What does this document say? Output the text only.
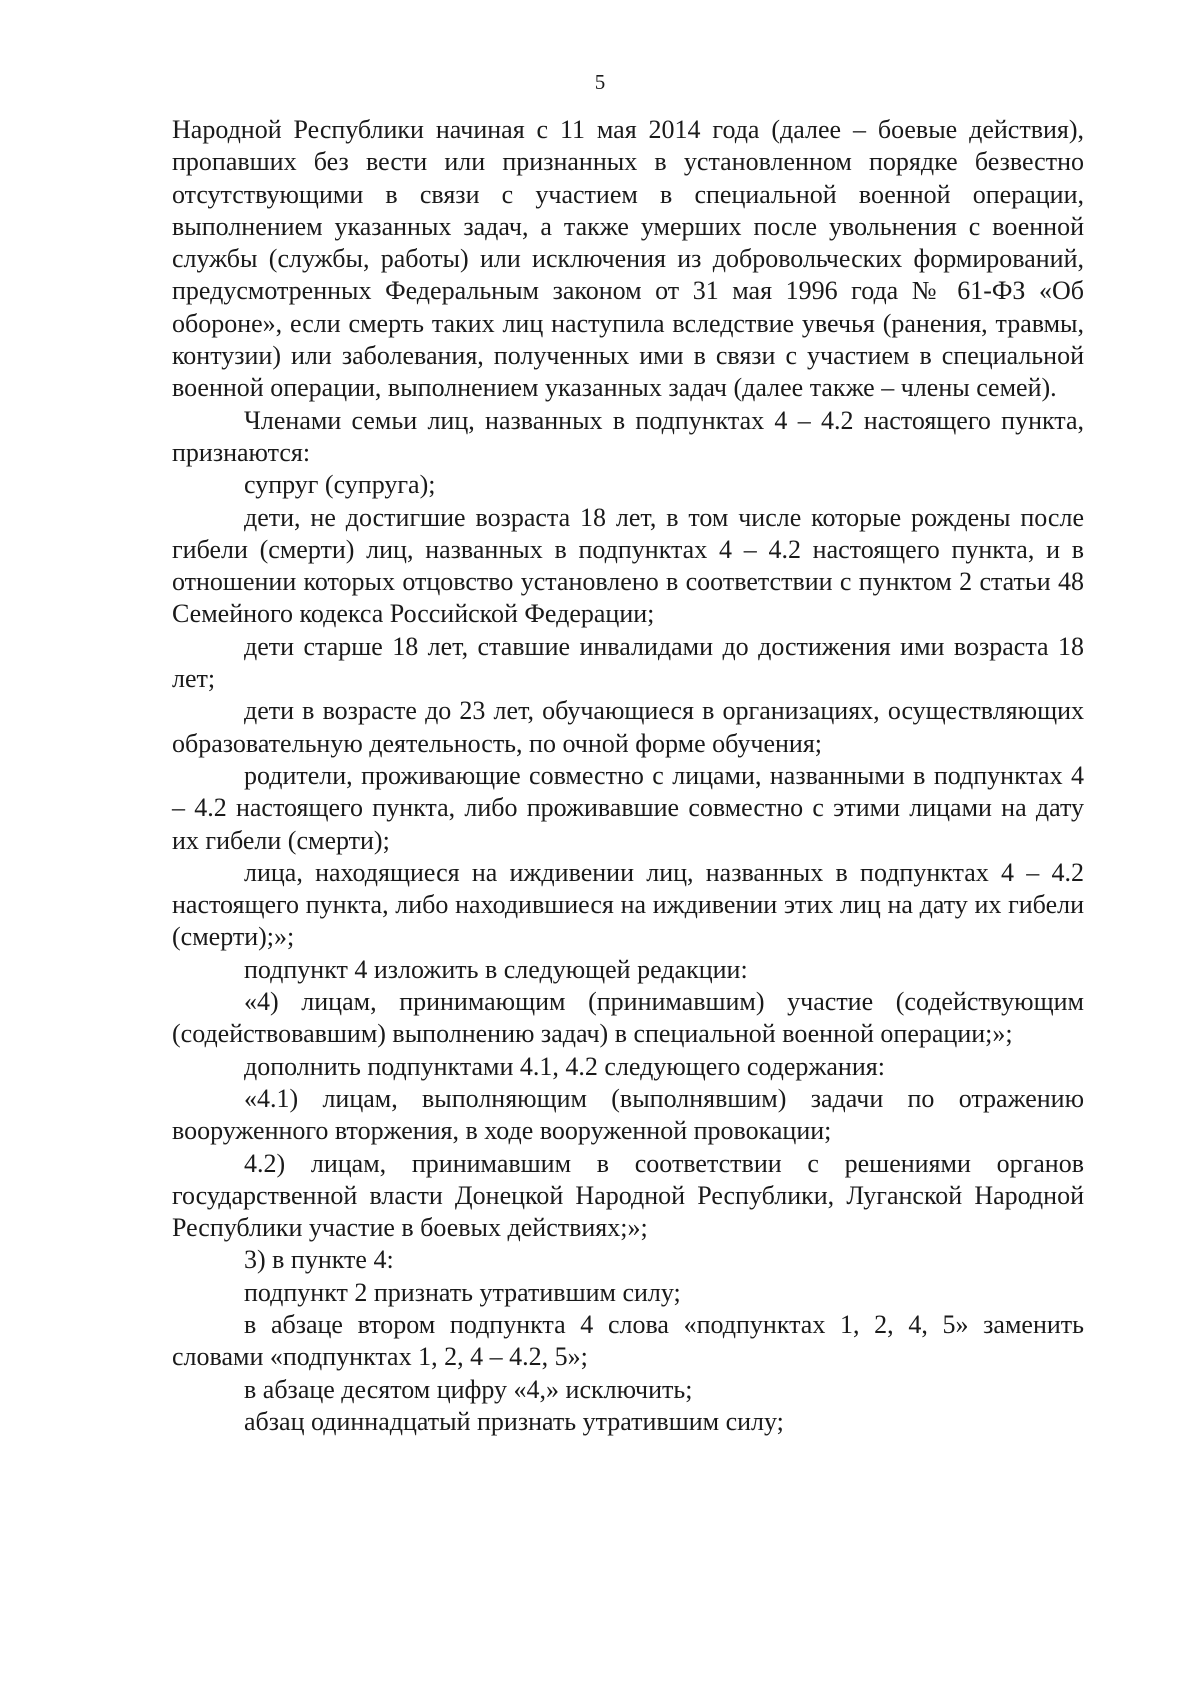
5

Народной Республики начиная с 11 мая 2014 года (далее – боевые действия), пропавших без вести или признанных в установленном порядке безвестно отсутствующими в связи с участием в специальной военной операции, выполнением указанных задач, а также умерших после увольнения с военной службы (службы, работы) или исключения из добровольческих формирований, предусмотренных Федеральным законом от 31 мая 1996 года № 61-ФЗ «Об обороне», если смерть таких лиц наступила вследствие увечья (ранения, травмы, контузии) или заболевания, полученных ими в связи с участием в специальной военной операции, выполнением указанных задач (далее также – члены семей).

Членами семьи лиц, названных в подпунктах 4 – 4.2 настоящего пункта, признаются:

супруг (супруга);

дети, не достигшие возраста 18 лет, в том числе которые рождены после гибели (смерти) лиц, названных в подпунктах 4 – 4.2 настоящего пункта, и в отношении которых отцовство установлено в соответствии с пунктом 2 статьи 48 Семейного кодекса Российской Федерации;

дети старше 18 лет, ставшие инвалидами до достижения ими возраста 18 лет;

дети в возрасте до 23 лет, обучающиеся в организациях, осуществляющих образовательную деятельность, по очной форме обучения;

родители, проживающие совместно с лицами, названными в подпунктах 4 – 4.2 настоящего пункта, либо проживавшие совместно с этими лицами на дату их гибели (смерти);

лица, находящиеся на иждивении лиц, названных в подпунктах 4 – 4.2 настоящего пункта, либо находившиеся на иждивении этих лиц на дату их гибели (смерти);»;

подпункт 4 изложить в следующей редакции:

«4) лицам, принимающим (принимавшим) участие (содействующим (содействовавшим) выполнению задач) в специальной военной операции;»;

дополнить подпунктами 4.1, 4.2 следующего содержания:

«4.1) лицам, выполняющим (выполнявшим) задачи по отражению вооруженного вторжения, в ходе вооруженной провокации;

4.2) лицам, принимавшим в соответствии с решениями органов государственной власти Донецкой Народной Республики, Луганской Народной Республики участие в боевых действиях;»;

3) в пункте 4:

подпункт 2 признать утратившим силу;

в абзаце втором подпункта 4 слова «подпунктах 1, 2, 4, 5» заменить словами «подпунктах 1, 2, 4 – 4.2, 5»;

в абзаце десятом цифру «4,» исключить;

абзац одиннадцатый признать утратившим силу;
